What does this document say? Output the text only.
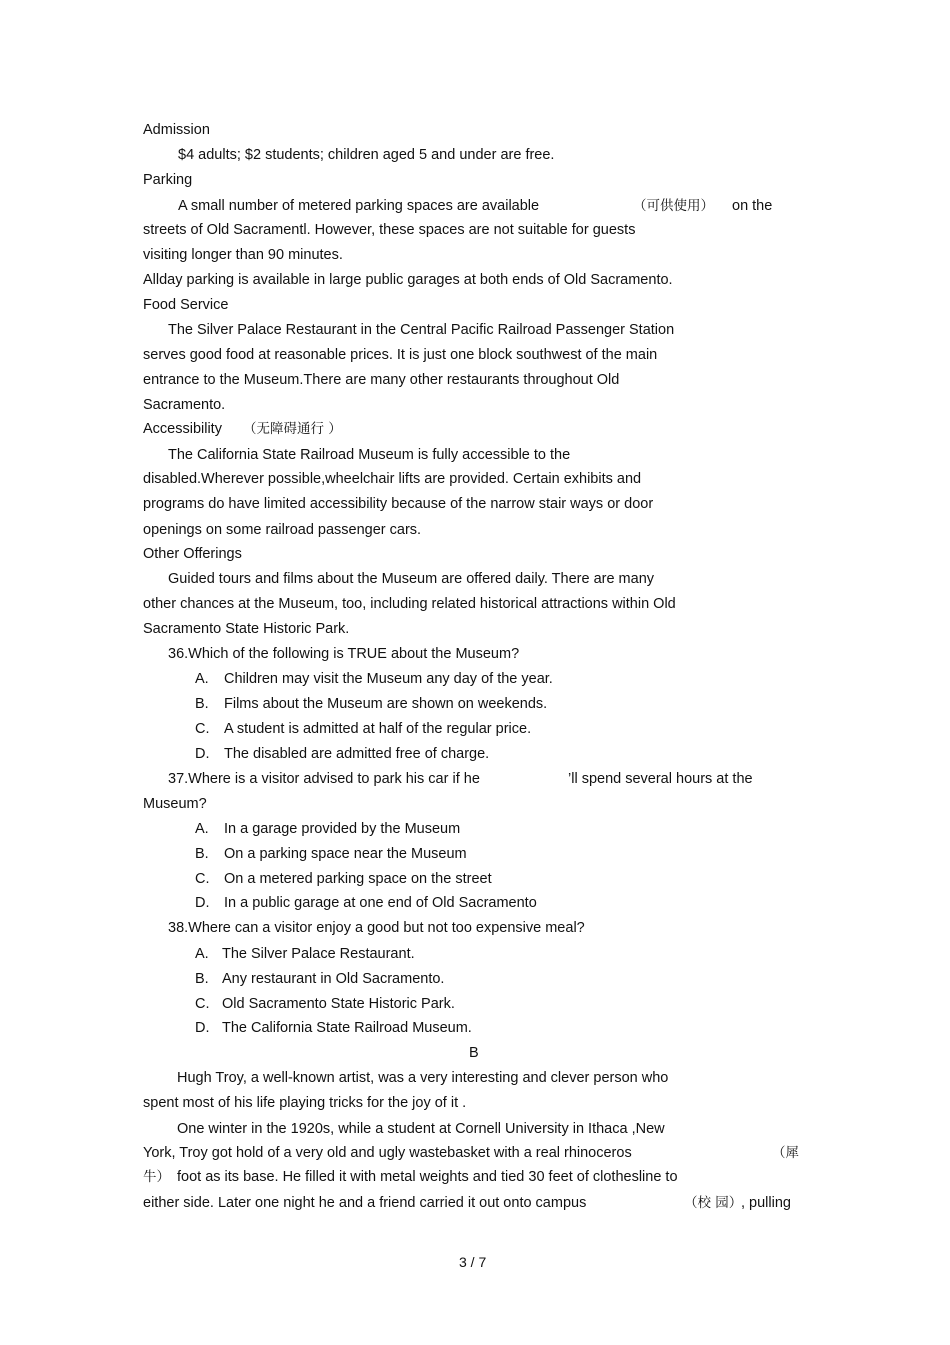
Admission
$4 adults; $2 students; children aged 5 and under are free.
Parking
A small number of metered parking spaces are available	（可供使用） on the
streets of Old Sacramentl. However, these spaces are not suitable for guests
visiting longer than 90 minutes.
Allday parking is available in large public garages at both ends of Old Sacramento.
Food Service
The Silver Palace Restaurant in the Central Pacific Railroad Passenger Station
serves good food at reasonable prices. It is just one block southwest of the main
entrance to the Museum.There are many other restaurants throughout Old
Sacramento.
Accessibility （无障碍通行 ）
The California State Railroad Museum is fully accessible to the
disabled.Wherever possible,wheelchair lifts are provided. Certain exhibits and
programs do have limited accessibility because of the narrow stair ways or door
openings on some railroad passenger cars.
Other Offerings
Guided tours and films about the Museum are offered daily. There are many
other chances at the Museum, too, including related historical attractions within Old
Sacramento State Historic Park.
36.Which of the following is TRUE about the Museum?
A. Children may visit the Museum any day of the year.
B. Films about the Museum are shown on weekends.
C. A student is admitted at half of the regular price.
D. The disabled are admitted free of charge.
37.Where is a visitor advised to park his car if he	’ll spend several hours at the
Museum?
A. In a garage provided by the Museum
B. On a parking space near the Museum
C. On a metered parking space on the street
D. In a public garage at one end of Old Sacramento
38.Where can a visitor enjoy a good but not too expensive meal?
A. The Silver Palace Restaurant.
B. Any restaurant in Old Sacramento.
C. Old Sacramento State Historic Park.
D. The California State Railroad Museum.
B
Hugh Troy, a well-known artist, was a very interesting and clever person who
spent most of his life playing tricks for the joy of it .
One winter in the 1920s, while a student at Cornell University in Ithaca ,New
York, Troy got hold of a very old and ugly wastebasket with a real rhinoceros	（犀
牛） foot as its base. He filled it with metal weights and tied 30 feet of clothesline to
either side. Later one night he and a friend carried it out onto campus	（校 园）
, pulling
3 / 7
